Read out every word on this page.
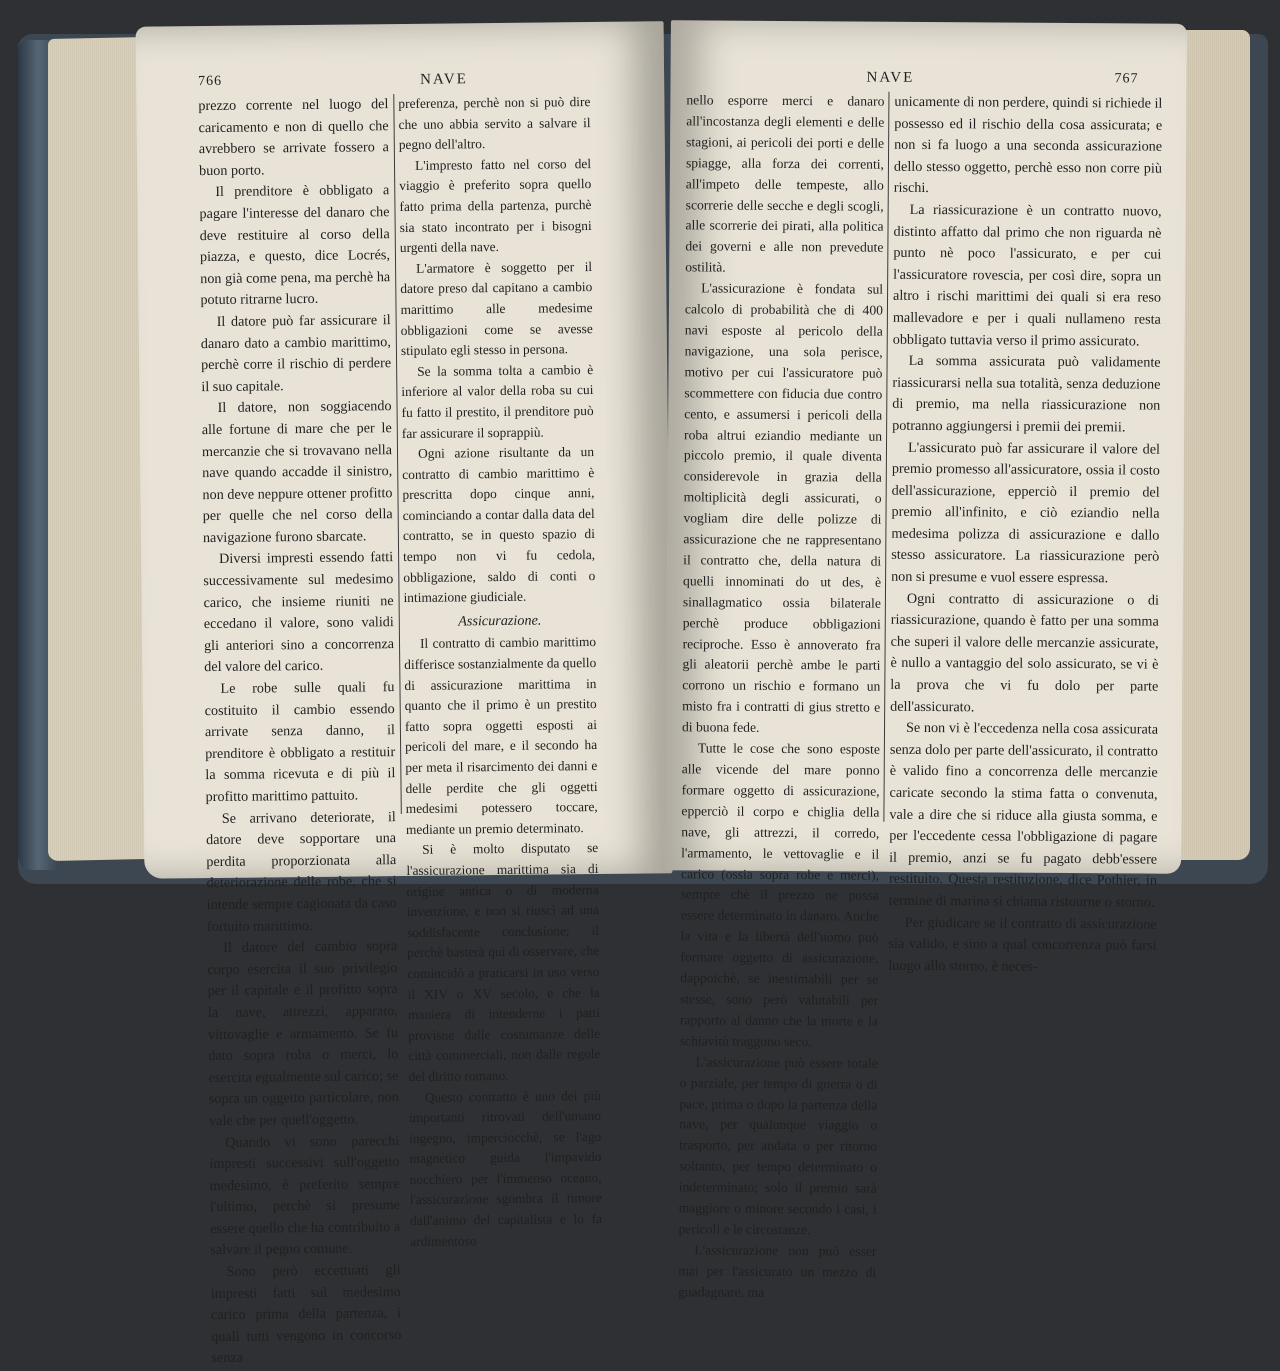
766	NAVE

prezzo corrente nel luogo del caricamento e non di quello che avrebbero se arrivate fossero a buon porto.

Il prenditore è obbligato a pagare l'interesse del danaro che deve restituire al corso della piazza, e questo, dice Locrés, non già come pena, ma perchè ha potuto ritrarne lucro.

Il datore può far assicurare il danaro dato a cambio marittimo, perchè corre il rischio di perdere il suo capitale.

Il datore, non soggiacendo alle fortune di mare che per le mercanzie che si trovavano nella nave quando accadde il sinistro, non deve neppure ottener profitto per quelle che nel corso della navigazione furono sbarcate.

Diversi impresti essendo fatti successivamente sul medesimo carico, che insieme riuniti ne eccedano il valore, sono validi gli anteriori sino a concorrenza del valore del carico.

Le robe sulle quali fu costituito il cambio essendo arrivate senza danno, il prenditore è obbligato a restituir la somma ricevuta e di più il profitto marittimo pattuito.

Se arrivano deteriorate, il datore deve sopportare una perdita proporzionata alla deteriorazione delle robe, che si intende sempre cagionata da caso fortuito marittimo.

Il datore del cambio sopra corpo esercita il suo privilegio per il capitale e il profitto sopra la nave, attrezzi, apparato, vittovaglie e armamento. Se fu dato sopra roba o merci, lo esercita egualmente sul carico; se sopra un oggetto particolare, non vale che per quell'oggetto.

Quando vi sono parecchi impresti successivi sull'oggetto medesimo, è preferito sempre l'ultimo, perchè si presume essere quello che ha contribuito a salvare il pegno comune.

Sono però eccettuati gli impresti fatti sul medesimo carico prima della partenza, i quali tutti vengono in concorso senza

preferenza, perchè non si può dire che uno abbia servito a salvare il pegno dell'altro.

L'impresto fatto nel corso del viaggio è preferito sopra quello fatto prima della partenza, purchè sia stato incontrato per i bisogni urgenti della nave.

L'armatore è soggetto per il datore preso dal capitano a cambio marittimo alle medesime obbligazioni come se avesse stipulato egli stesso in persona.

Se la somma tolta a cambio è inferiore al valor della roba su cui fu fatto il prestito, il prenditore può far assicurare il soprappiù.

Ogni azione risultante da un contratto di cambio marittimo è prescritta dopo cinque anni, cominciando a contar dalla data del contratto, se in questo spazio di tempo non vi fu cedola, obbligazione, saldo di conti o intimazione giudiciale.

Assicurazione.

Il contratto di cambio marittimo differisce sostanzialmente da quello di assicurazione marittima in quanto che il primo è un prestito fatto sopra oggetti esposti ai pericoli del mare, e il secondo ha per meta il risarcimento dei danni e delle perdite che gli oggetti medesimi potessero toccare, mediante un premio determinato.

Si è molto disputato se l'assicurazione marittima sia di origine antica o di moderna invenzione, e non si riuscì ad una soddisfacente conclusione; il perchè basterà qui di osservare, che comincidò a praticarsi in uso verso il XIV o XV secolo, e che la maniera di intenderne i patti provisne dalle costumanze delle città commerciali, non dalle regole del diritto romano.

Questo contratto è uno dei più importanti ritrovati dell'umano ingegno, imperciocchè, se l'ago magnetico guida l'impavido nocchiero per l'immenso oceano, l'assicurazione sgombra il timore dall'animo del capitalista e lo fa ardimentoso

NAVE	767

nello esporre merci e danaro all'incostanza degli elementi e delle stagioni, ai pericoli dei porti e delle spiagge, alla forza dei correnti, all'impeto delle tempeste, allo scorrerie delle secche e degli scogli, alle scorrerie dei pirati, alla politica dei governi e alle non prevedute ostilità.

L'assicurazione è fondata sul calcolo di probabilità che di 400 navi esposte al pericolo della navigazione, una sola perisce, motivo per cui l'assicuratore può scommettere con fiducia due contro cento, e assumersi i pericoli della roba altrui eziandio mediante un piccolo premio, il quale diventa considerevole in grazia della moltiplicità degli assicurati, o vogliam dire delle polizze di assicurazione che ne rappresentano il contratto che, della natura di quelli innominati do ut des, è sinallagmatico ossia bilaterale perchè produce obbligazioni reciproche. Esso è annoverato fra gli aleatorii perchè ambe le parti corrono un rischio e formano un misto fra i contratti di gius stretto e di buona fede.

Tutte le cose che sono esposte alle vicende del mare ponno formare oggetto di assicurazione, epperciò il corpo e chiglia della nave, gli attrezzi, il corredo, l'armamento, le vettovaglie e il carico (ossia sopra robe e merci), sempre chè il prezzo ne possa essere determinato in danaro. Anche la vita e la libertà dell'uomo può formare oggetto di assicurazione, dappoichè, se inestimabili per se stesse, sono però valutabili per rapporto al danno che la morte e la schiavitù traggono seco.

L'assicurazione può essere totale o parziale, per tempo di guerra o di pace, prima o dopo la partenza della nave, per qualunque viaggio o trasporto, per andata o per ritorno soltanto, per tempo determinato o indeterminato; solo il premio sarà maggiore o minore secondo i casi, i pericoli e le circostanze.

L'assicurazione non può esser mai per l'assicurato un mezzo di guadagnare, ma

unicamente di non perdere, quindi si richiede il possesso ed il rischio della cosa assicurata; e non si fa luogo a una seconda assicurazione dello stesso oggetto, perchè esso non corre più rischi.

La riassicurazione è un contratto nuovo, distinto affatto dal primo che non riguarda nè punto nè poco l'assicurato, e per cui l'assicuratore rovescia, per così dire, sopra un altro i rischi marittimi dei quali si era reso mallevadore e per i quali nullameno resta obbligato tuttavia verso il primo assicurato.

La somma assicurata può validamente riassicurarsi nella sua totalità, senza deduzione di premio, ma nella riassicurazione non potranno aggiungersi i premii dei premii.

L'assicurato può far assicurare il valore del premio promesso all'assicuratore, ossia il costo dell'assicurazione, epperciò il premio del premio all'infinito, e ciò eziandio nella medesima polizza di assicurazione e dallo stesso assicuratore. La riassicurazione però non si presume e vuol essere espressa.

Ogni contratto di assicurazione o di riassicurazione, quando è fatto per una somma che superi il valore delle mercanzie assicurate, è nullo a vantaggio del solo assicurato, se vi è la prova che vi fu dolo per parte dell'assicurato.

Se non vi è l'eccedenza nella cosa assicurata senza dolo per parte dell'assicurato, il contratto è valido fino a concorrenza delle mercanzie caricate secondo la stima fatta o convenuta, vale a dire che si riduce alla giusta somma, e per l'eccedente cessa l'obbligazione di pagare il premio, anzi se fu pagato debb'essere restituito. Questa restituzione, dice Pothier, in termine di marina si chiama ristourne o storno.

Per giudicare se il contratto di assicurazione sia valido, e sino a qual concorrenza può farsi luogo allo storno, è neces-
